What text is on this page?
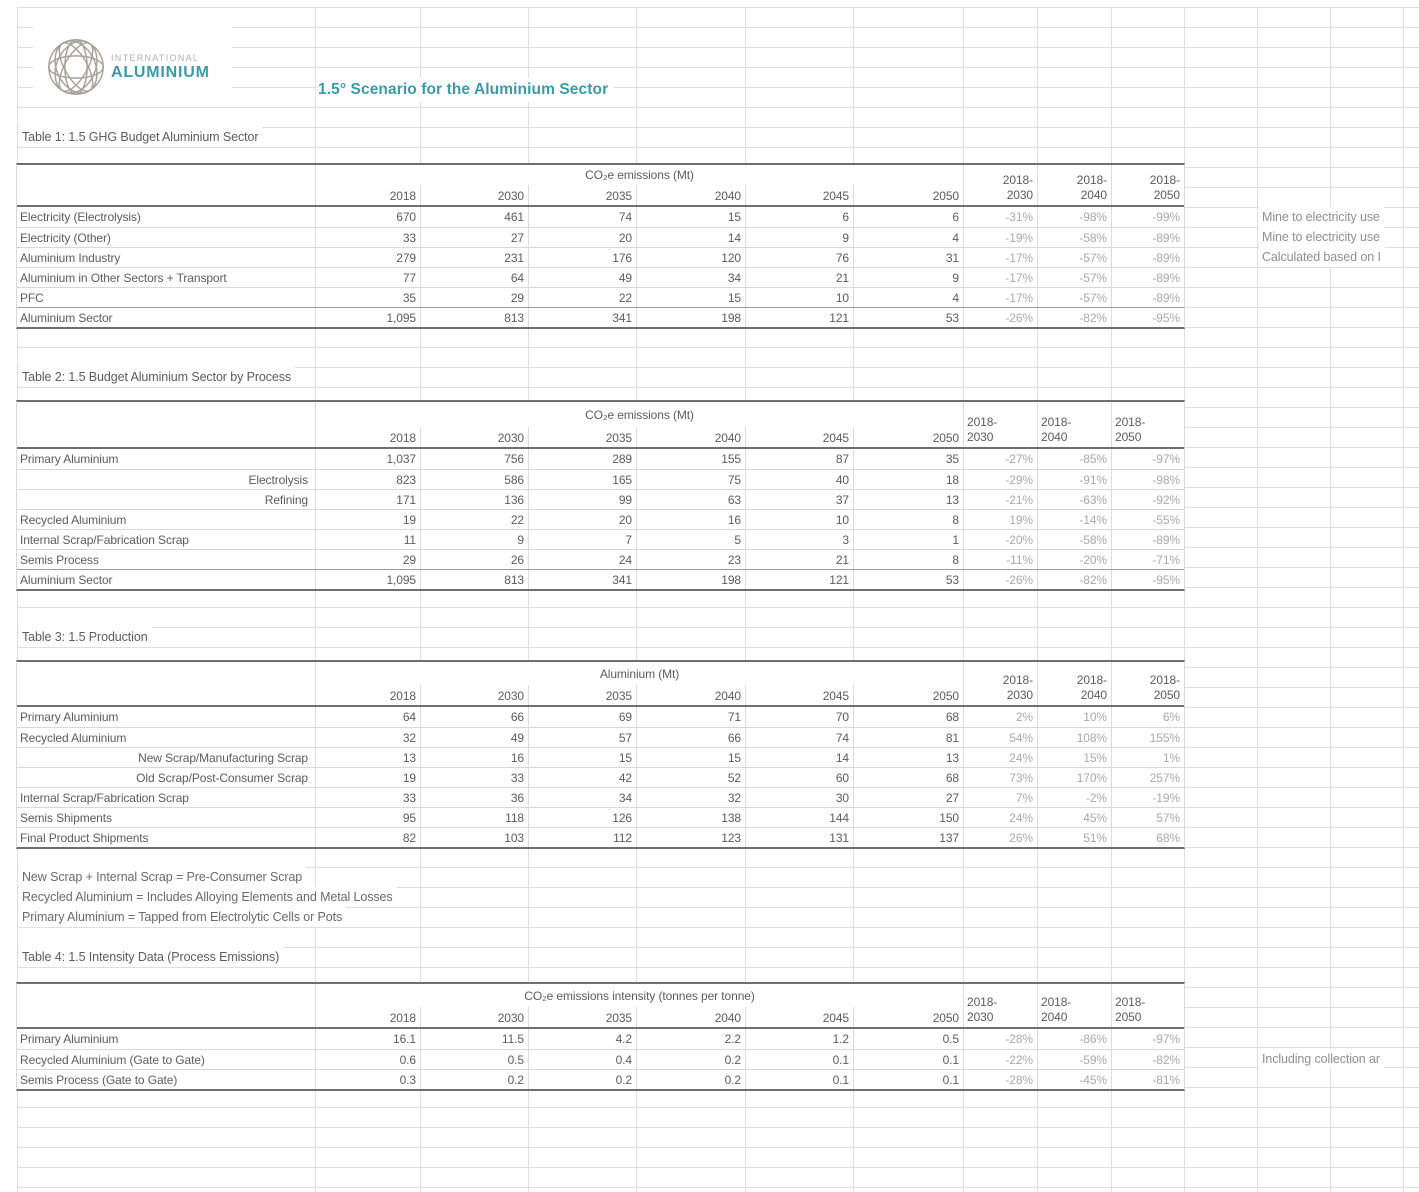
INTERNATIONAL
ALUMINIUM
1.5° Scenario for the Aluminium Sector
Table 1: 1.5 GHG Budget Aluminium Sector
Mine to electricity use
Mine to electricity use
Calculated based on I
CO₂e emissions (Mt)	2018-
2030
2018-
2040
2018-
2050
2018	2030	2035	2040	2045	2050
Electricity (Electrolysis)	670	461	74	15	6	6	-31%	-98%	-99%
Electricity (Other)	33	27	20	14	9	4	-19%	-58%	-89%
Aluminium Industry	279	231	176	120	76	31	-17%	-57%	-89%
Aluminium in Other Sectors + Transport	77	64	49	34	21	9	-17%	-57%	-89%
PFC	35	29	22	15	10	4	-17%	-57%	-89%
Aluminium Sector	1,095	813	341	198	121	53	-26%	-82%	-95%
Table 2: 1.5 Budget Aluminium Sector by Process
CO₂e emissions (Mt)
2018-
2030
2018-
2040
2018-
2050
2018	2030	2035	2040	2045	2050
Primary Aluminium	1,037	756	289	155	87	35	-27%	-85%	-97%
Electrolysis	823	586	165	75	40	18	-29%	-91%	-98%
Refining	171	136	99	63	37	13	-21%	-63%	-92%
Recycled Aluminium	19	22	20	16	10	8	19%	-14%	-55%
Internal Scrap/Fabrication Scrap	11	9	7	5	3	1	-20%	-58%	-89%
Semis Process	29	26	24	23	21	8	-11%	-20%	-71%
Aluminium Sector	1,095	813	341	198	121	53	-26%	-82%	-95%
Table 3: 1.5 Production
Aluminium (Mt)	2018-
2030
2018-
2040
2018-
2050
2018	2030	2035	2040	2045	2050
Primary Aluminium	64	66	69	71	70	68	2%	10%	6%
Recycled Aluminium	32	49	57	66	74	81	54%	108%	155%
New Scrap/Manufacturing Scrap	13	16	15	15	14	13	24%	15%	1%
Old Scrap/Post-Consumer Scrap	19	33	42	52	60	68	73%	170%	257%
Internal Scrap/Fabrication Scrap	33	36	34	32	30	27	7%	-2%	-19%
Semis Shipments	95	118	126	138	144	150	24%	45%	57%
Final Product Shipments	82	103	112	123	131	137	26%	51%	68%
Table 4: 1.5 Intensity Data (Process Emissions)
Including collection ar
CO₂e emissions intensity (tonnes per tonne)	2018-
2030
2018-
2040
2018-
2050
2018	2030	2035	2040	2045	2050
Primary Aluminium	16.1	11.5	4.2	2.2	1.2	0.5	-28%	-86%	-97%
Recycled Aluminium (Gate to Gate)	0.6	0.5	0.4	0.2	0.1	0.1	-22%	-59%	-82%
Semis Process (Gate to Gate)	0.3	0.2	0.2	0.2	0.1	0.1	-28%	-45%	-81%
New Scrap + Internal Scrap = Pre-Consumer Scrap
Recycled Aluminium = Includes Alloying Elements and Metal Losses
Primary Aluminium = Tapped from Electrolytic Cells or Pots
